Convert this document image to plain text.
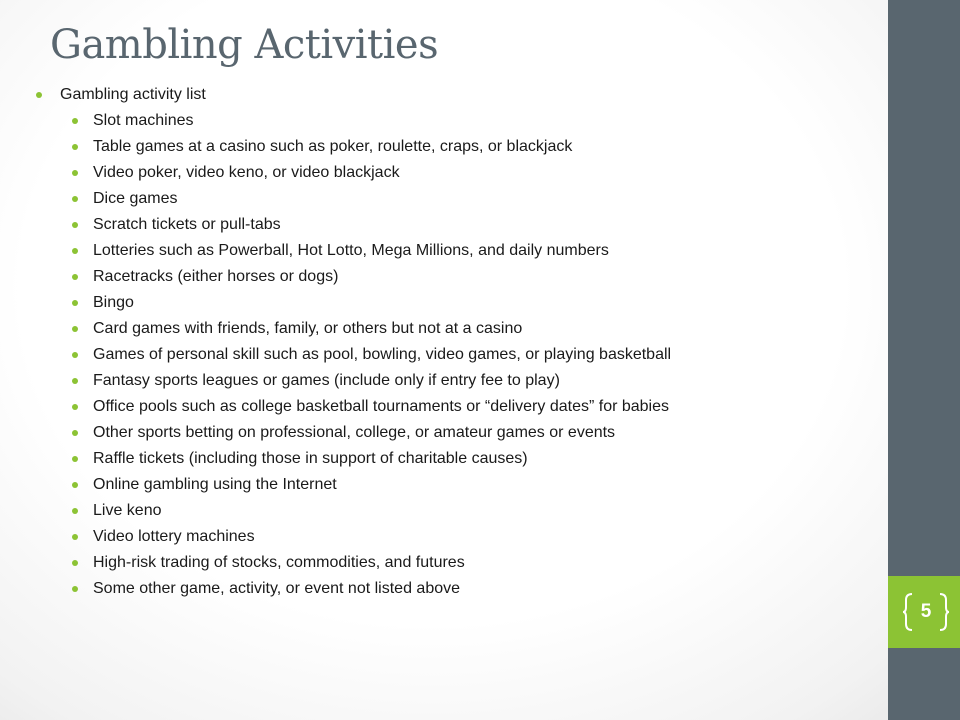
Gambling Activities
Gambling activity list
Slot machines
Table games at a casino such as poker, roulette, craps, or blackjack
Video poker, video keno, or video blackjack
Dice games
Scratch tickets or pull-tabs
Lotteries such as Powerball, Hot Lotto, Mega Millions, and daily numbers
Racetracks (either horses or dogs)
Bingo
Card games with friends, family, or others but not at a casino
Games of personal skill such as pool, bowling, video games, or playing basketball
Fantasy sports leagues or games (include only if entry fee to play)
Office pools such as college basketball tournaments or “delivery dates” for babies
Other sports betting on professional, college, or amateur games or events
Raffle tickets (including those in support of charitable causes)
Online gambling using the Internet
Live keno
Video lottery machines
High-risk trading of stocks, commodities, and futures
Some other game, activity, or event not listed above
5
